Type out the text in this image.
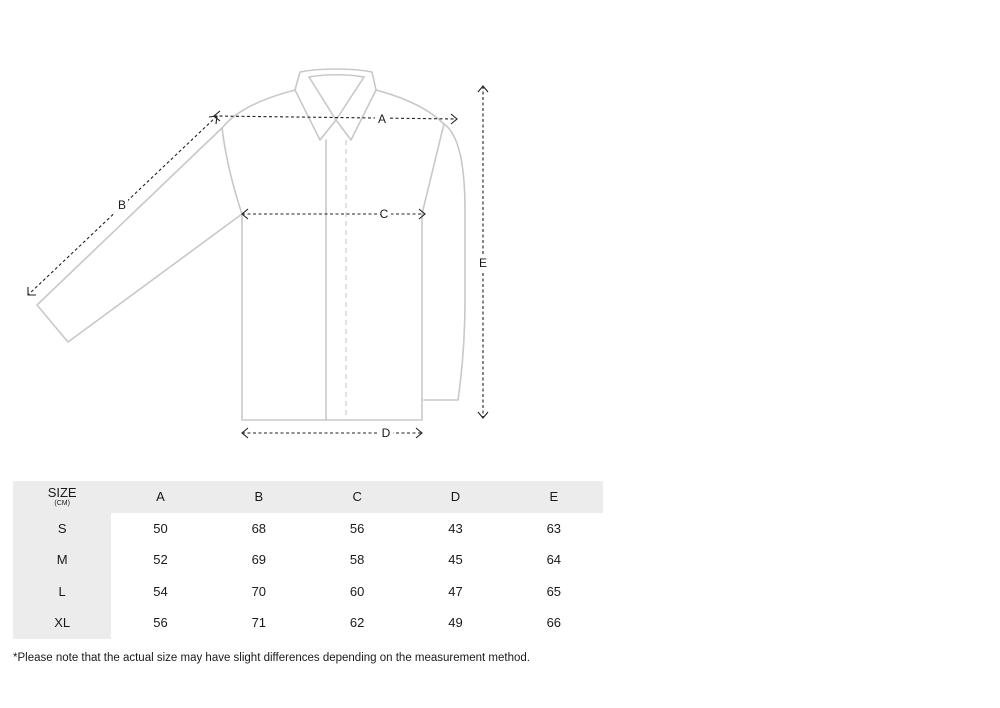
A
B
C
D
E
SIZE
(CM)	A	B	C	D	E
S	50	68	56	43	63
M	52	69	58	45	64
L	54	70	60	47	65
XL	56	71	62	49	66
*Please note that the actual size may have slight differences depending on the measurement method.
